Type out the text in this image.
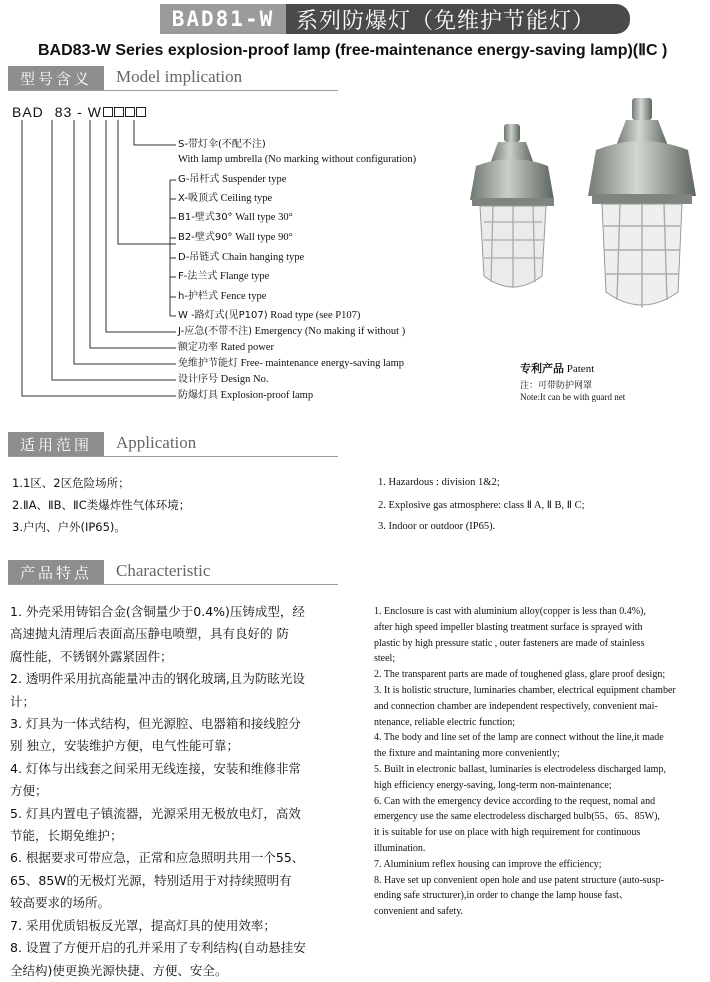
BAD81-W 系列防爆灯（免维护节能灯）
BAD83-W Series explosion-proof lamp (free-maintenance energy-saving lamp)(ⅡC )
型号含义	Model implication
BAD 83 - W
S-带灯伞(不配不注)
With lamp umbrella (No marking without configuration)
G-吊杆式 Suspender type
X-吸顶式 Ceiling type
B1-壁式30° Wall type 30°
B2-壁式90° Wall type 90°
D-吊链式 Chain hanging type
F-法兰式 Flange type
h-护栏式 Fence type
W -路灯式(见P107) Road type (see P107)
J-应急(不带不注) Emergency (No making if without )
额定功率 Rated power
免维护节能灯 Free- maintenance energy-saving lamp
设计序号 Design No.
防爆灯具 Explosion-proof lamp
专利产品 Patent
注：可带防护网罩
Note:It can be with guard net
适用范围	Application
1.1区、2区危险场所；
2.ⅡA、ⅡB、ⅡC类爆炸性气体环境；
3.户内、户外(IP65)。
1. Hazardous : division 1&2;
2. Explosive gas atmosphere: class Ⅱ A, Ⅱ B, Ⅱ C;
3. Indoor or outdoor (IP65).
产品特点	Characteristic
1. 外壳采用铸铝合金(含铜量少于0.4%)压铸成型，经
高速抛丸清理后表面高压静电喷塑，具有良好的 防
腐性能，不锈钢外露紧固件；
2. 透明件采用抗高能量冲击的钢化玻璃,且为防眩光设
计；
3. 灯具为一体式结构，但光源腔、电器箱和接线腔分
别 独立，安装维护方便，电气性能可靠；
4. 灯体与出线套之间采用无线连接，安装和维修非常
方便；
5. 灯具内置电子镇流器，光源采用无极放电灯，高效
节能，长期免维护；
6. 根据要求可带应急，正常和应急照明共用一个55、
65、85W的无极灯光源，特别适用于对持续照明有
较高要求的场所。
7. 采用优质铝板反光罩，提高灯具的使用效率；
8. 设置了方便开启的孔并采用了专利结构(自动悬挂安
全结构)使更换光源快捷、方便、安全。
1. Enclosure is cast with aluminium alloy(copper is less than 0.4%),
after high speed impeller blasting treatment surface is sprayed with
plastic by high pressure static , outer fasteners are made of stainless
steel;
2. The transparent parts are made of toughened glass, glare proof design;
3. It is holistic structure, luminaries chamber, electrical equipment chamber
and connection chamber are independent respectively, convenient mai-
ntenance, reliable electric function;
4. The body and line set of the lamp are connect without the line,it made
the fixture and maintaning more conveniently;
5. Built in electronic ballast, luminaries is electrodeless discharged lamp,
high efficiency energy-saving, long-term non-maintenance;
6. Can with the emergency device according to the request, nomal and
emergency use the same electrodeless discharged bulb(55、65、85W),
it is suitable for use on place with high requirement for continuous
illumination.
7. Aluminium reflex housing can improve the efficiency;
8. Have set up convenient open hole and use patent structure (auto-susp-
ending safe structurer),in order to change the lamp house fast、
convenient and safety.
